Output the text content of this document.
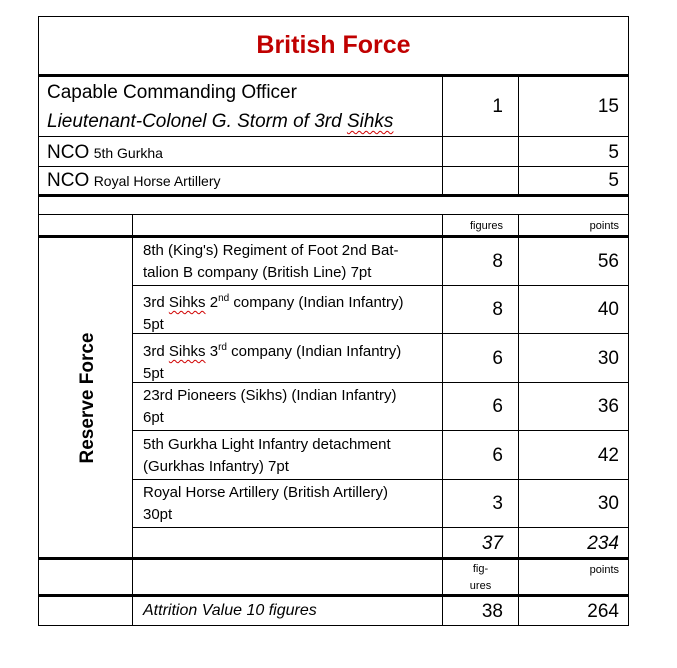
British Force
Capable Commanding Officer
Lieutenant-Colonel G. Storm of 3rd Sihks
1	15
NCO 5th Gurkha	5
NCO Royal Horse Artillery	5
figures	points
Reserve Force
8th (King's) Regiment of Foot 2nd Bat-
talion B company (British Line) 7pt
8	56
3rd Sihks 2nd company (Indian Infantry)
5pt
8	40
3rd Sihks 3rd company (Indian Infantry)
5pt
6	30
23rd Pioneers (Sikhs) (Indian Infantry)
6pt
6	36
5th Gurkha Light Infantry detachment
(Gurkhas Infantry) 7pt
6	42
Royal Horse Artillery (British Artillery)
30pt
3	30
37	234
fig-
ures
points
Attrition Value 10 figures	38	264
